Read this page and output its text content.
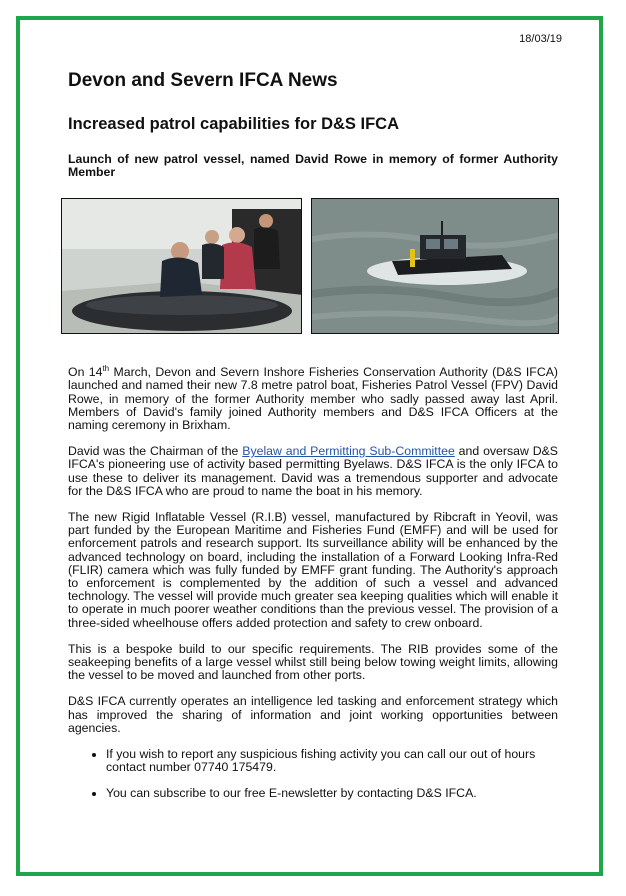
18/03/19
Devon and Severn IFCA News
Increased patrol capabilities for D&S IFCA

Launch of new patrol vessel, named David Rowe in memory of former Authority Member

On 14th March, Devon and Severn Inshore Fisheries Conservation Authority (D&S IFCA) launched and named their new 7.8 metre patrol boat, Fisheries Patrol Vessel (FPV) David Rowe, in memory of the former Authority member who sadly passed away last April. Members of David's family joined Authority members and D&S IFCA Officers at the naming ceremony in Brixham.

David was the Chairman of the Byelaw and Permitting Sub-Committee and oversaw D&S IFCA's pioneering use of activity based permitting Byelaws. D&S IFCA is the only IFCA to use these to deliver its management. David was a tremendous supporter and advocate for the D&S IFCA who are proud to name the boat in his memory.

The new Rigid Inflatable Vessel (R.I.B) vessel, manufactured by Ribcraft in Yeovil, was part funded by the European Maritime and Fisheries Fund (EMFF) and will be used for enforcement patrols and research support. Its surveillance ability will be enhanced by the advanced technology on board, including the installation of a Forward Looking Infra-Red (FLIR) camera which was fully funded by EMFF grant funding. The Authority's approach to enforcement is complemented by the addition of such a vessel and advanced technology. The vessel will provide much greater sea keeping qualities which will enable it to operate in much poorer weather conditions than the previous vessel. The provision of a three-sided wheelhouse offers added protection and safety to crew onboard.

This is a bespoke build to our specific requirements. The RIB provides some of the seakeeping benefits of a large vessel whilst still being below towing weight limits, allowing the vessel to be moved and launched from other ports.

D&S IFCA currently operates an intelligence led tasking and enforcement strategy which has improved the sharing of information and joint working opportunities between agencies.

• If you wish to report any suspicious fishing activity you can call our out of hours contact number 07740 175479.
• You can subscribe to our free E-newsletter by contacting D&S IFCA.
